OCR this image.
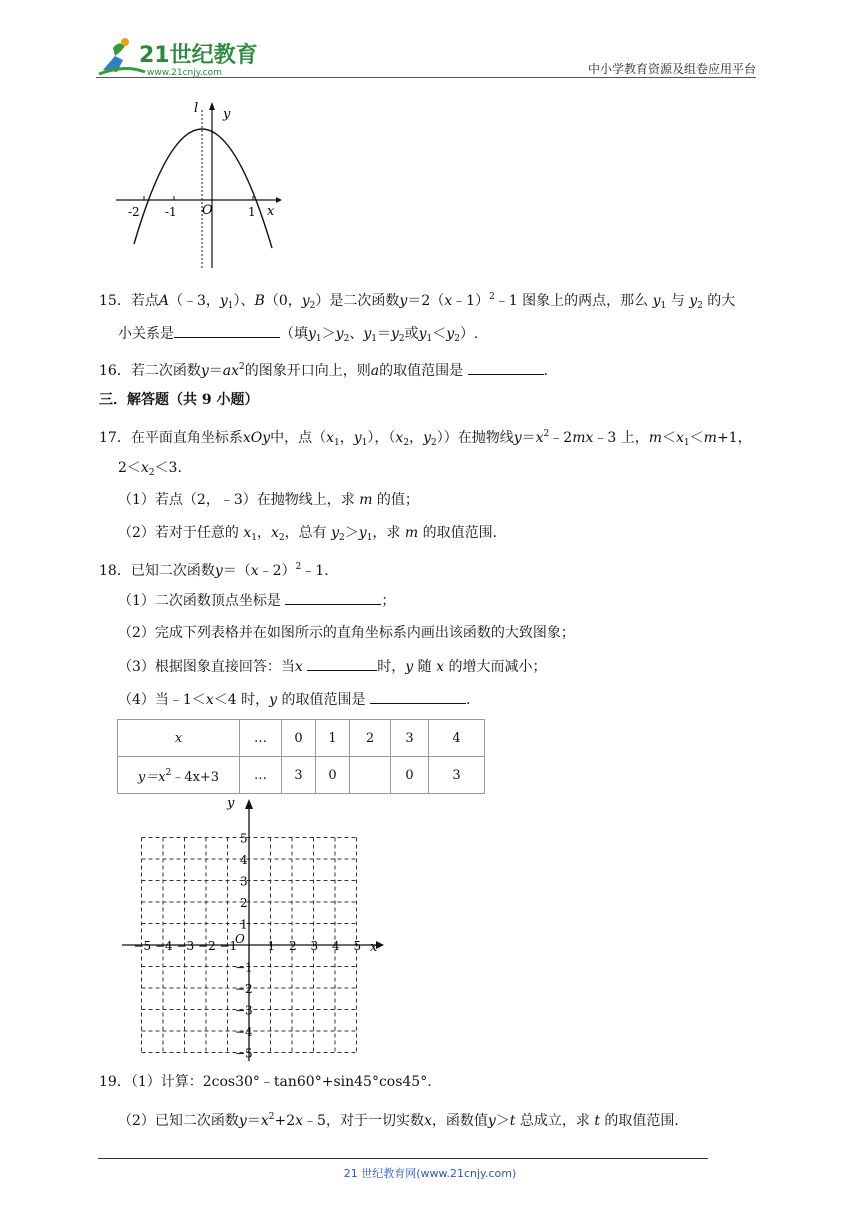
21世纪教育
www.21cnjy.com	中小学教育资源及组卷应用平台
l y
x
O
-2 -1	1
15．若点A（﹣3，$y_1$）、B（0，$y_2$）是二次函数y＝2（x﹣1）$^2$﹣1 图象上的两点，那么 $y_1$ 与 $y_2$ 的大
小关系是	（填$y_1>y_2$、$y_1=y_2$或$y_1<y_2$）.
16．若二次函数$y=ax^2$的图象开口向上，则a的取值范围是	.
三．解答题（共 9 小题）
17．在平面直角坐标系xOy中，点（$x_1$，$y_1$），（$x_2$，$y_2$））在抛物线$y=x^2﹣2mx﹣3$ 上，$m<x_1<m+1$，
$2<x_2<3$.
（1）若点（2，﹣3）在抛物线上，求 m 的值；
（2）若对于任意的 $x_1$，$x_2$，总有 $y_2>y_1$，求 m 的取值范围.
18．已知二次函数y＝（x﹣2）$^2$﹣1.
（1）二次函数顶点坐标是	；
（2）完成下列表格并在如图所示的直角坐标系内画出该函数的大致图象；
（3）根据图象直接回答：当x	时，y 随 x 的增大而减小；
（4）当﹣1＜x＜4 时，y 的取值范围是	.
x	…	0	1	2	3	4
$y=x^2﹣4x+3$	…	3	0		0	3
−5 −4 −3 −2 −1	1 2 3 4 5
5
4
3
2
1
−1
−2
−3
−4
−5
O
x
y
19．（1）计算：2cos30°﹣tan60°+sin45°cos45°.
（2）已知二次函数$y=x^2+2x﹣5$，对于一切实数x，函数值y＞t 总成立，求 t 的取值范围.
21 世纪教育网(www.21cnjy.com)
